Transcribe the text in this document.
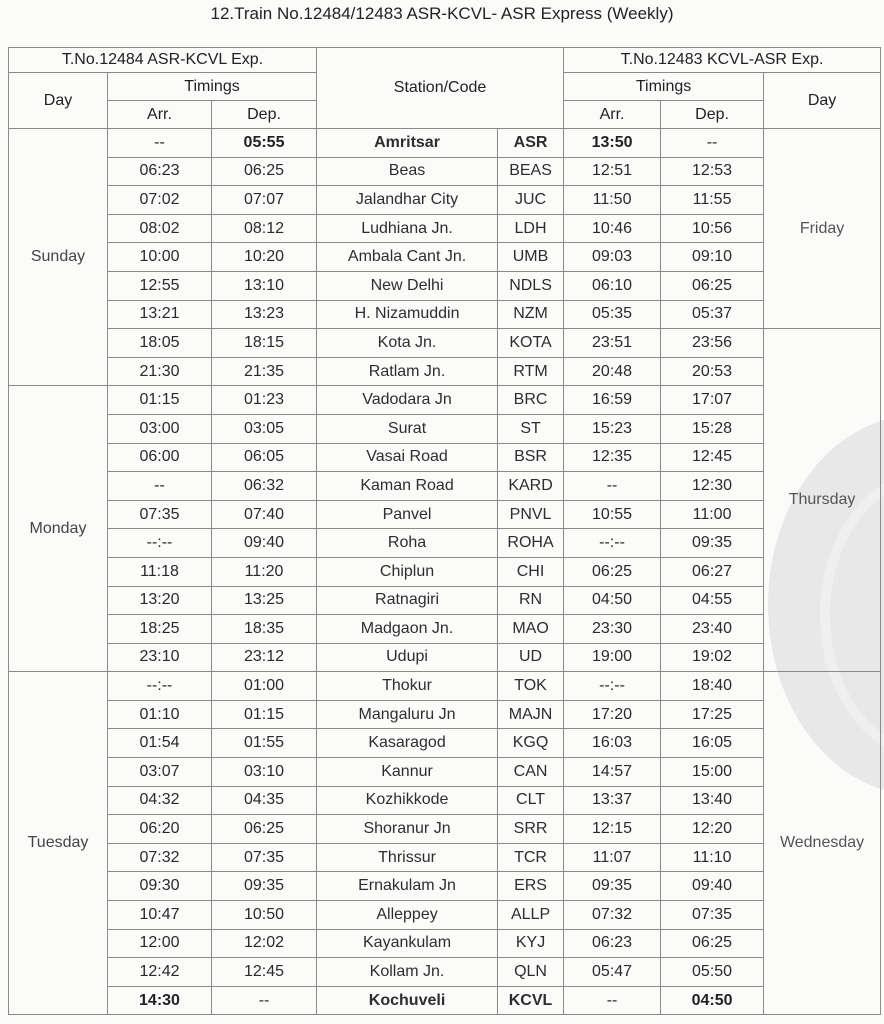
12.Train No.12484/12483 ASR-KCVL- ASR Express (Weekly)
T.No.12484 ASR-KCVL Exp.			Station/Code		T.No.12483 KCVL-ASR Exp.		
Day	Timings				Timings		Day
	Arr.	Dep.			Arr.	Dep.	
Sunday	--	05:55	Amritsar	ASR	13:50	--	Friday
	06:23	06:25	Beas	BEAS	12:51	12:53	
	07:02	07:07	Jalandhar City	JUC	11:50	11:55	
	08:02	08:12	Ludhiana Jn.	LDH	10:46	10:56	
	10:00	10:20	Ambala Cant Jn.	UMB	09:03	09:10	
	12:55	13:10	New Delhi	NDLS	06:10	06:25	
	13:21	13:23	H. Nizamuddin	NZM	05:35	05:37	
	18:05	18:15	Kota Jn.	KOTA	23:51	23:56	Thursday
	21:30	21:35	Ratlam Jn.	RTM	20:48	20:53	
Monday	01:15	01:23	Vadodara Jn	BRC	16:59	17:07	
	03:00	03:05	Surat	ST	15:23	15:28	
	06:00	06:05	Vasai Road	BSR	12:35	12:45	
	--	06:32	Kaman Road	KARD	--	12:30	
	07:35	07:40	Panvel	PNVL	10:55	11:00	
	--:--	09:40	Roha	ROHA	--:--	09:35	
	11:18	11:20	Chiplun	CHI	06:25	06:27	
	13:20	13:25	Ratnagiri	RN	04:50	04:55	
	18:25	18:35	Madgaon Jn.	MAO	23:30	23:40	
	23:10	23:12	Udupi	UD	19:00	19:02	
Tuesday	--:--	01:00	Thokur	TOK	--:--	18:40	Wednesday
	01:10	01:15	Mangaluru Jn	MAJN	17:20	17:25	
	01:54	01:55	Kasaragod	KGQ	16:03	16:05	
	03:07	03:10	Kannur	CAN	14:57	15:00	
	04:32	04:35	Kozhikkode	CLT	13:37	13:40	
	06:20	06:25	Shoranur Jn	SRR	12:15	12:20	
	07:32	07:35	Thrissur	TCR	11:07	11:10	
	09:30	09:35	Ernakulam Jn	ERS	09:35	09:40	
	10:47	10:50	Alleppey	ALLP	07:32	07:35	
	12:00	12:02	Kayankulam	KYJ	06:23	06:25	
	12:42	12:45	Kollam Jn.	QLN	05:47	05:50	
	14:30	--	Kochuveli	KCVL	--	04:50	
